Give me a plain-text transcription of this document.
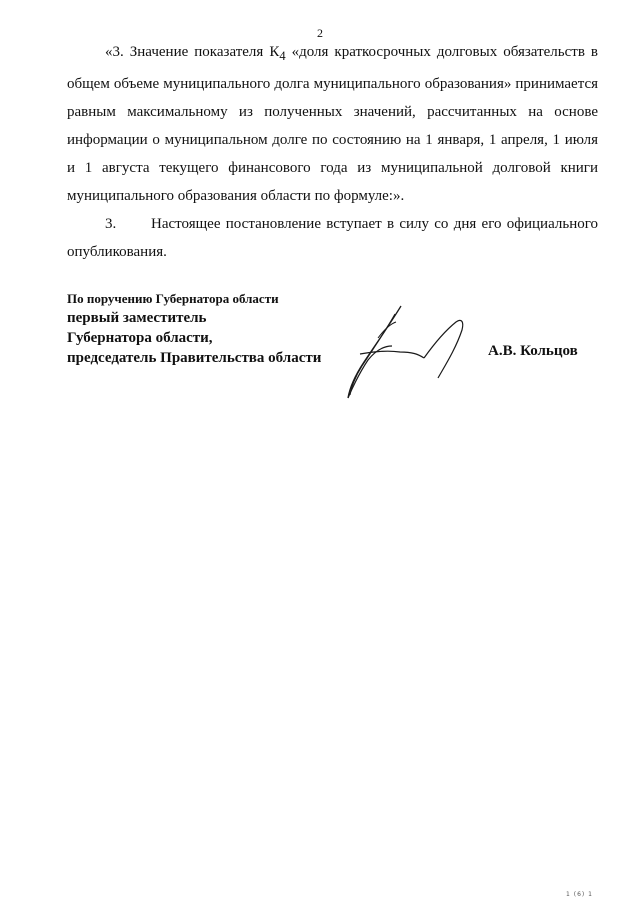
2

«3. Значение показателя $К_4$ «доля краткосрочных долговых обязательств в общем объеме муниципального долга муниципального образования» принимается равным максимальному из полученных значений, рассчитанных на основе информации о муниципальном долге по состоянию на 1 января, 1 апреля, 1 июля и 1 августа текущего финансового года из муниципальной долговой книги муниципального образования области по формуле:».

3. Настоящее постановление вступает в силу со дня его официального опубликования.

По поручению Губернатора области
первый заместитель
Губернатора области,
председатель Правительства области	А.В. Кольцов
1 (6) 1
